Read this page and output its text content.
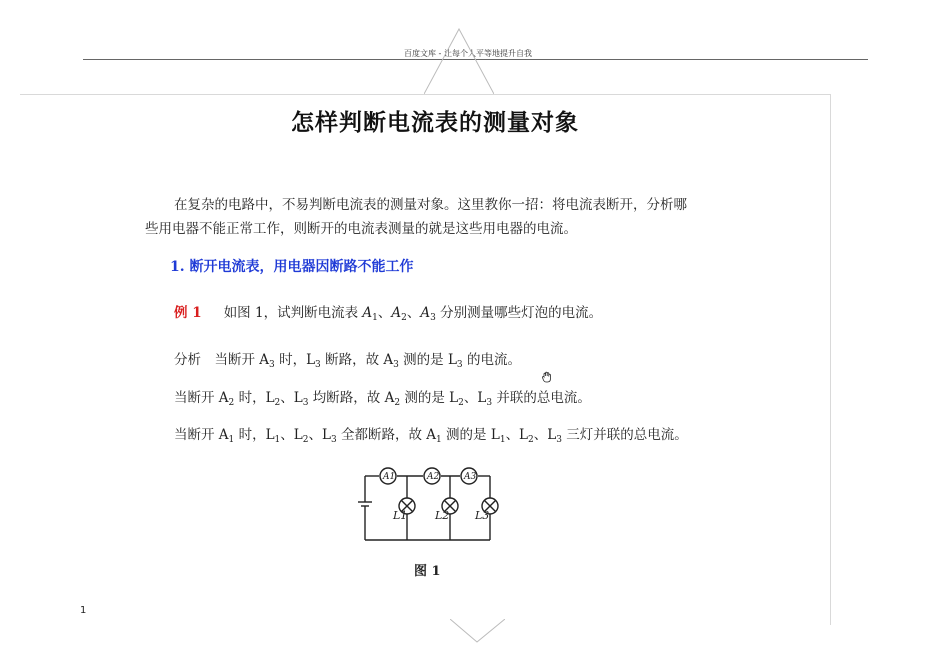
百度文库 - 让每个人平等地提升自我
怎样判断电流表的测量对象
在复杂的电路中，不易判断电流表的测量对象。这里教你一招：将电流表断开，分析哪
些用电器不能正常工作，则断开的电流表测量的就是这些用电器的电流。
1. 断开电流表，用电器因断路不能工作
例 1 　 如图 1，试判断电流表 $A_1$、$A_2$、$A_3$ 分别测量哪些灯泡的电流。
分析　当断开 $A_3$ 时，$L_3$ 断路，故 $A_3$ 测的是 $L_3$ 的电流。
当断开 $A_2$ 时，$L_2$、$L_3$ 均断路，故 $A_2$ 测的是 $L_2$、$L_3$ 并联的总电流。
当断开 $A_1$ 时，$L_1$、$L_2$、$L_3$ 全都断路，故 $A_1$ 测的是 $L_1$、$L_2$、$L_3$ 三灯并联的总电流。
A1	A2	A3
L1	L2 L3
图 1
1
